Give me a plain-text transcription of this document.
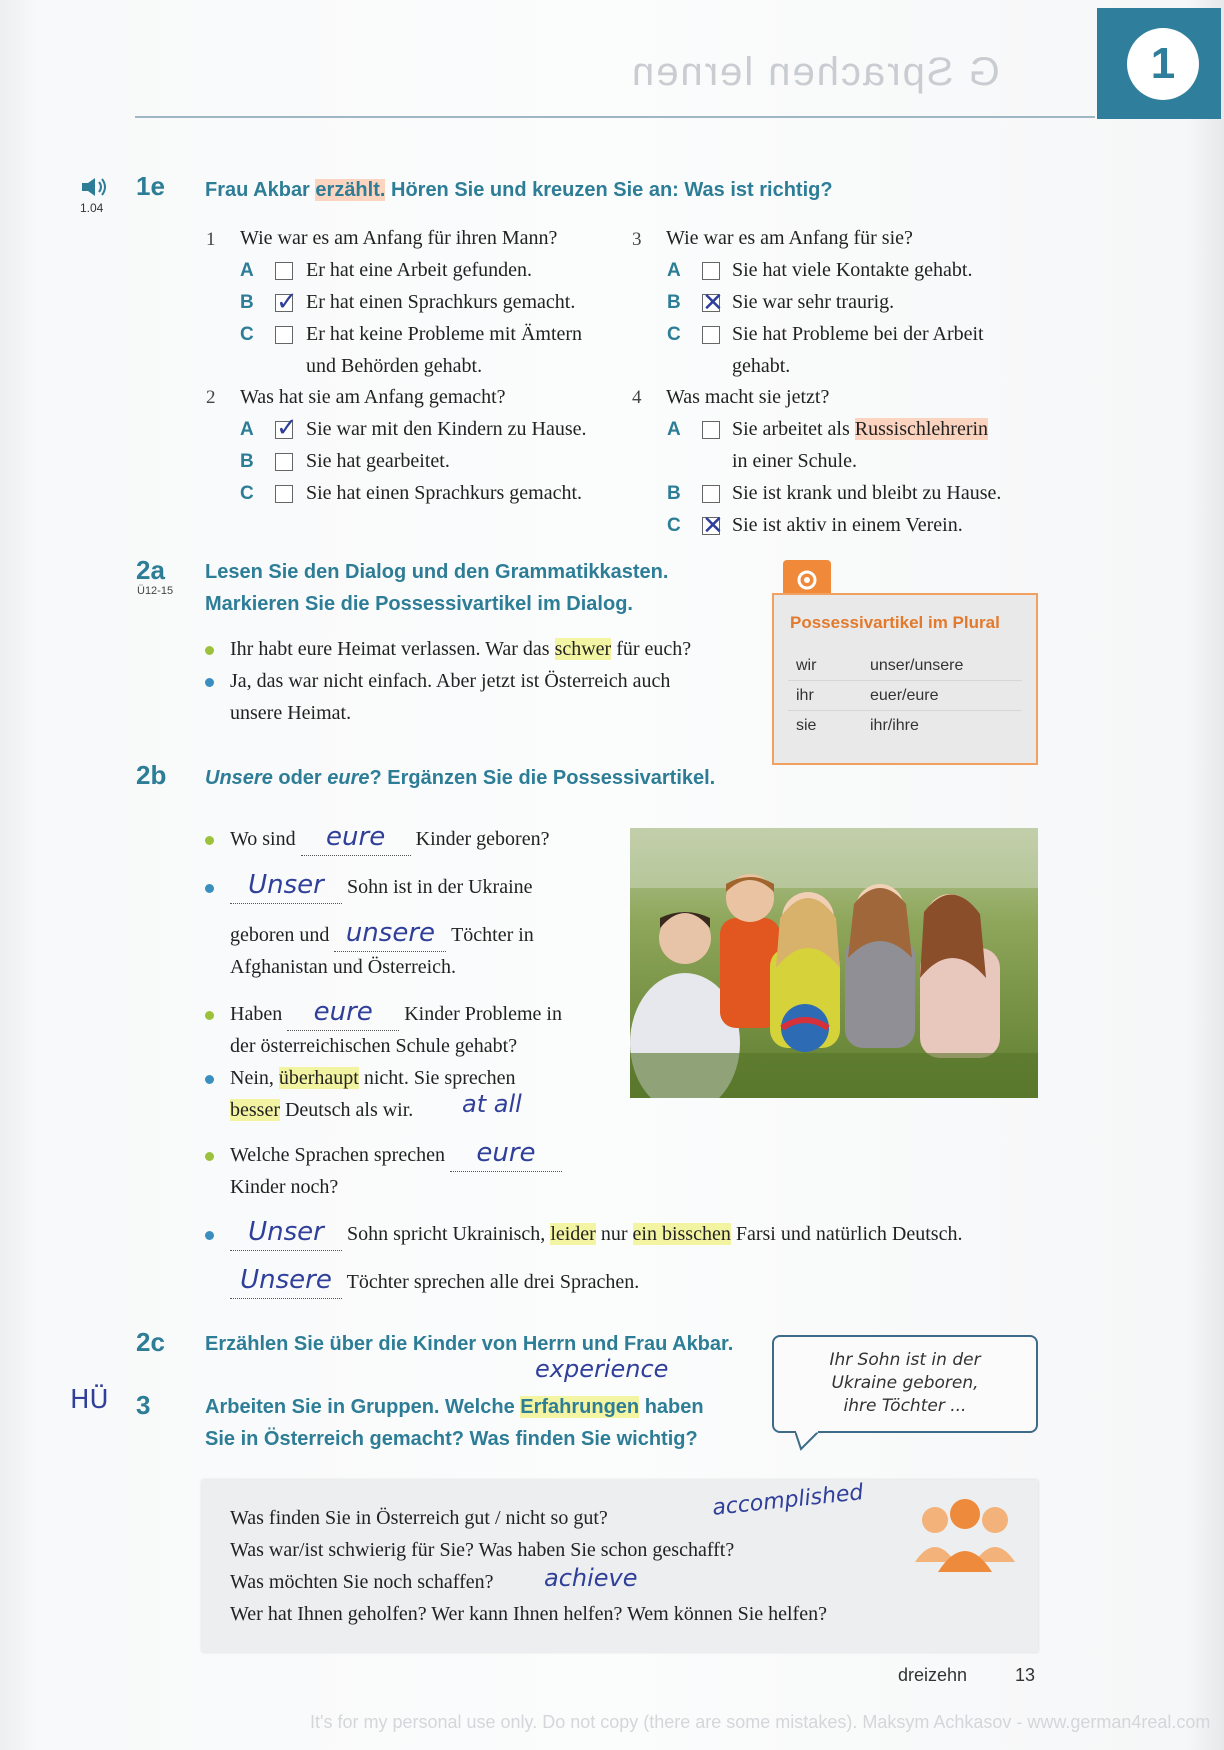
G Sprachen lernen	1
1.04
1e Frau Akbar erzählt. Hören Sie und kreuzen Sie an: Was ist richtig?
1 Wie war es am Anfang für ihren Mann?
A	Er hat eine Arbeit gefunden.
B ✓ Er hat einen Sprachkurs gemacht.
C	Er hat keine Probleme mit Ämtern
und Behörden gehabt.
2 Was hat sie am Anfang gemacht?
A ✓ Sie war mit den Kindern zu Hause.
B	Sie hat gearbeitet.
C	Sie hat einen Sprachkurs gemacht.
3 Wie war es am Anfang für sie?
A	Sie hat viele Kontakte gehabt.
B ✕ Sie war sehr traurig.
C	Sie hat Probleme bei der Arbeit
gehabt.
4 Was macht sie jetzt?
A	Sie arbeitet als Russischlehrerin
in einer Schule.
B	Sie ist krank und bleibt zu Hause.
C ✕ Sie ist aktiv in einem Verein.
2a
Ü12-15
Lesen Sie den Dialog und den Grammatikkasten.
Markieren Sie die Possessivartikel im Dialog.
Ihr habt eure Heimat verlassen. War das schwer für euch?
Ja, das war nicht einfach. Aber jetzt ist Österreich auch
unsere Heimat.
Possessivartikel im Plural
wir	unser/unsere
ihr	euer/eure
sie	ihr/ihre
2b Unsere oder eure? Ergänzen Sie die Possessivartikel.
Wo sind eure Kinder geboren?
Unser Sohn ist in der Ukraine
geboren und unsere Töchter in
Afghanistan und Österreich.
Haben eure Kinder Probleme in
der österreichischen Schule gehabt?
Nein, überhaupt nicht. Sie sprechen
besser Deutsch als wir. at all
Welche Sprachen sprechen eure
Kinder noch?
Unser Sohn spricht Ukrainisch, leider nur ein bisschen Farsi und natürlich Deutsch.
Unsere Töchter sprechen alle drei Sprachen.
2c Erzählen Sie über die Kinder von Herrn und Frau Akbar.
Ihr Sohn ist in der
Ukraine geboren,
ihre Töchter ...
HÜ 3
experience
Arbeiten Sie in Gruppen. Welche Erfahrungen haben
Sie in Österreich gemacht? Was finden Sie wichtig?
Was finden Sie in Österreich gut / nicht so gut?
Was war/ist schwierig für Sie? Was haben Sie schon geschafft?
Was möchten Sie noch schaffen?
Wer hat Ihnen geholfen? Wer kann Ihnen helfen? Wem können Sie helfen?
accomplished
achieve
dreizehn	13
It's for my personal use only. Do not copy (there are some mistakes). Maksym Achkasov - www.german4real.com
